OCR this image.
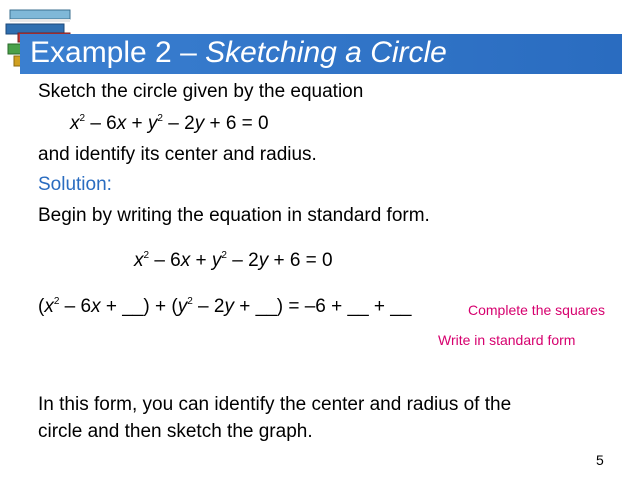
Example 2 – Sketching a Circle
Sketch the circle given by the equation
$x^2 - 6x + y^2 - 2y + 6 = 0$
and identify its center and radius.
Solution:
Begin by writing the equation in standard form.
$x^2 - 6x + y^2 - 2y + 6 = 0$
($x^2 - 6x$ + __) + ($y^2 - 2y$ + __) = –6 + __ + __	Complete the squares
Write in standard form
In this form, you can identify the center and radius of the
circle and then sketch the graph.
5
